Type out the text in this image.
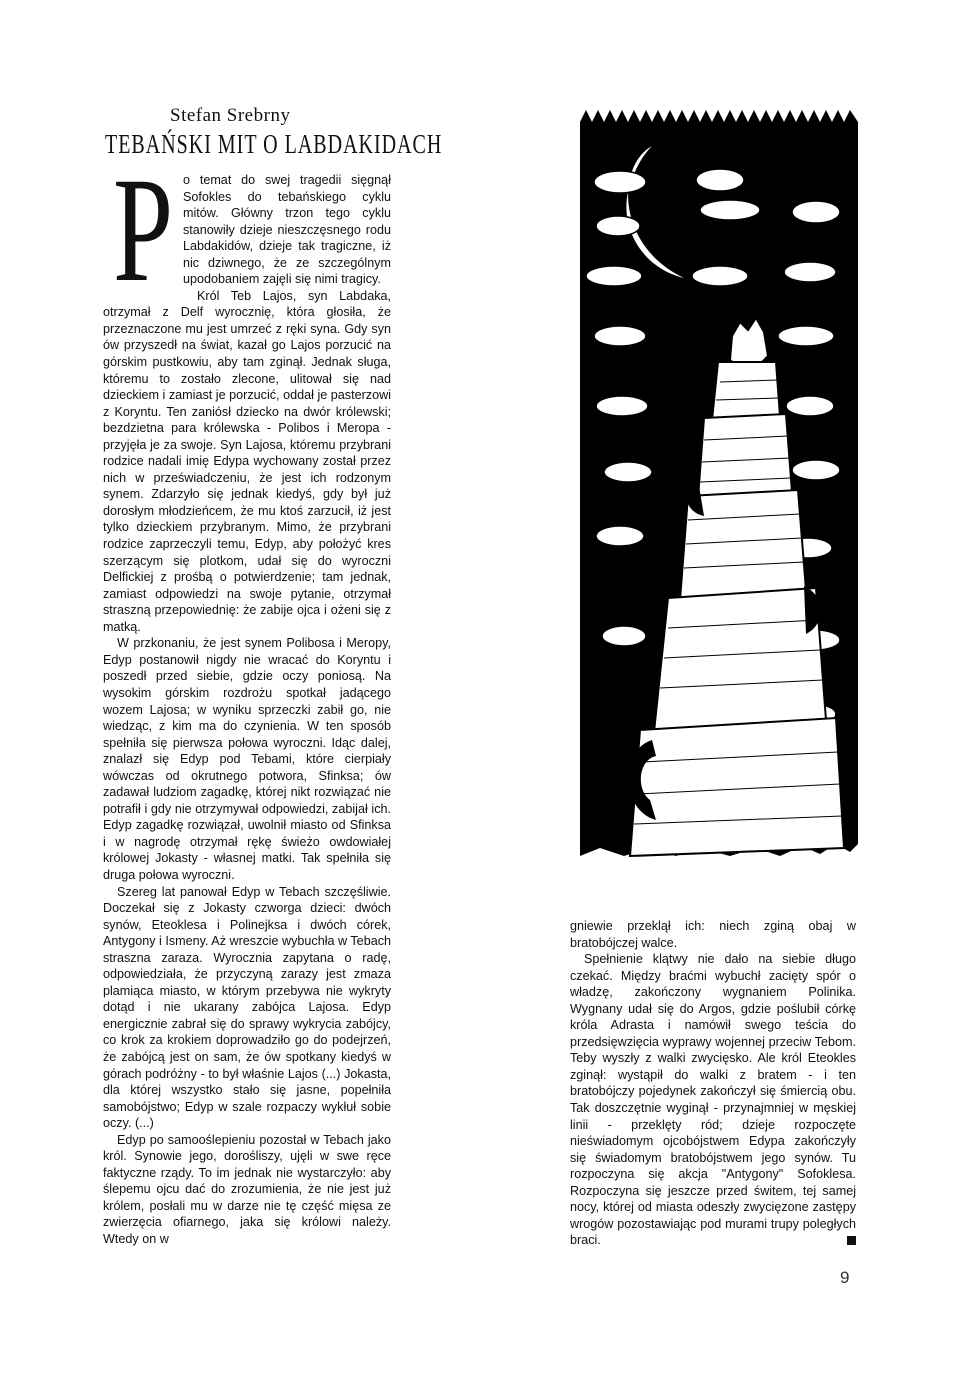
Stefan Srebrny
TEBAŃSKI MIT O LABDAKIDACH
P o temat do swej tragedii sięgnął Sofokles do tebańskiego cyklu mitów. Główny trzon tego cyklu stanowiły dzieje nieszczęsnego rodu Labdakidów, dzieje tak tragiczne, iż nic dziwnego, że ze szczególnym upodobaniem zajęli się nimi tragicy.

Król Teb Lajos, syn Labdaka, otrzymał z Delf wyrocznię, która głosiła, że przeznaczone mu jest umrzeć z ręki syna. Gdy syn ów przyszedł na świat, kazał go Lajos porzucić na górskim pustkowiu, aby tam zginął. Jednak sługa, któremu to zostało zlecone, ulitował się nad dzieckiem i zamiast je porzucić, oddał je pasterzowi z Koryntu. Ten zaniósł dziecko na dwór królewski; bezdzietna para królewska - Polibos i Meropa - przyjęła je za swoje. Syn Lajosa, któremu przybrani rodzice nadali imię Edypa wychowany został przez nich w przeświadczeniu, że jest ich rodzonym synem. Zdarzyło się jednak kiedyś, gdy był już dorosłym młodzieńcem, że mu ktoś zarzucił, iż jest tylko dzieckiem przybranym. Mimo, że przybrani rodzice zaprzeczyli temu, Edyp, aby położyć kres szerzącym się plotkom, udał się do wyroczni Delfickiej z prośbą o potwierdzenie; tam jednak, zamiast odpowiedzi na swoje pytanie, otrzymał straszną przepowiednię: że zabije ojca i ożeni się z matką.

W przkonaniu, że jest synem Polibosa i Meropy, Edyp postanowił nigdy nie wracać do Koryntu i poszedł przed siebie, gdzie oczy poniosą. Na wysokim górskim rozdrożu spotkał jadącego wozem Lajosa; w wyniku sprzeczki zabił go, nie wiedząc, z kim ma do czynienia. W ten sposób spełniła się pierwsza połowa wyroczni. Idąc dalej, znalazł się Edyp pod Tebami, które cierpiały wówczas od okrutnego potwora, Sfinksa; ów zadawał ludziom zagadkę, której nikt rozwiązać nie potrafił i gdy nie otrzymywał odpowiedzi, zabijał ich. Edyp zagadkę rozwiązał, uwolnił miasto od Sfinksa i w nagrodę otrzymał rękę świeżo owdowiałej królowej Jokasty - własnej matki. Tak spełniła się druga połowa wyroczni.

Szereg lat panował Edyp w Tebach szczęśliwie. Doczekał się z Jokasty czworga dzieci: dwóch synów, Eteoklesa i Polinejksa i dwóch córek, Antygony i Ismeny. Aż wreszcie wybuchła w Tebach straszna zaraza. Wyrocznia zapytana o radę, odpowiedziała, że przyczyną zarazy jest zmaza plamiąca miasto, w którym przebywa nie wykryty dotąd i nie ukarany zabójca Lajosa. Edyp energicznie zabrał się do sprawy wykrycia zabójcy, co krok za krokiem doprowadziło go do podejrzeń, że zabójcą jest on sam, że ów spotkany kiedyś w górach podróżny - to był właśnie Lajos (...) Jokasta, dla której wszystko stało się jasne, popełniła samobójstwo; Edyp w szale rozpaczy wykłuł sobie oczy. (...)

Edyp po samooślepieniu pozostał w Tebach jako król. Synowie jego, dorośliszy, ujęli w swe ręce faktyczne rządy. To im jednak nie wystarczyło: aby ślepemu ojcu dać do zrozumienia, że nie jest już królem, posłali mu w darze nie tę część mięsa ze zwierzęcia ofiarnego, jaka się królowi należy. Wtedy on w

gniewie przeklął ich: niech zginą obaj w bratobójczej walce.

Spełnienie klątwy nie dało na siebie długo czekać. Między braćmi wybuchł zacięty spór o władzę, zakończony wygnaniem Polinika. Wygnany udał się do Argos, gdzie poślubił córkę króla Adrasta i namówił swego teścia do przedsięwzięcia wyprawy wojennej przeciw Tebom. Teby wyszły z walki zwycięsko. Ale król Eteokles zginął: wystąpił do walki z bratem - i ten bratobójczy pojedynek zakończył się śmiercią obu. Tak doszczętnie wyginął - przynajmniej w męskiej linii - przeklęty ród; dzieje rozpoczęte nieświadomym ojcobójstwem Edypa zakończyły się świadomym bratobójstwem jego synów. Tu rozpoczyna się akcja "Antygony" Sofoklesa. Rozpoczyna się jeszcze przed świtem, tej samej nocy, której od miasta odeszły zwycięzone zastępy wrogów pozostawiając pod murami trupy poległych braci.

9
